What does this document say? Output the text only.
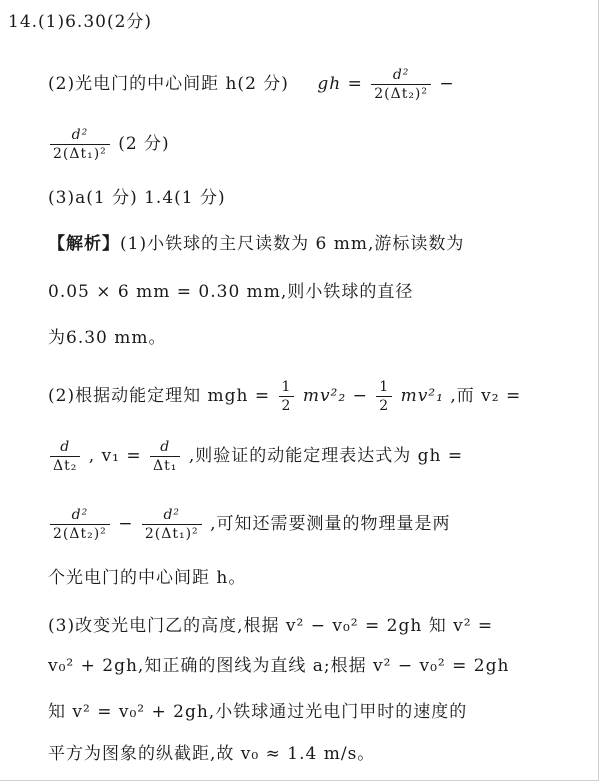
14.(1)6.30(2分)
(2)光电门的中心间距 h(2 分) gh = $\frac{\text{d²}}{\text{2(Δt₂)²}}$ −
$\frac{\text{d²}}{\text{2(Δt₁)²}} (2$ 分)
(3)a(1 分) 1.4(1 分)
【解析】(1)小铁球的主尺读数为 6 mm,游标读数为
0.05 × 6 mm = 0.30 mm,则小铁球的直径
为6.30 mm。
(2)根据动能定理知 mgh = $\frac{1}{2} mv^2_2 - \frac{1}{2} mv^2_1$ ,而 v₂ =
$\frac{d}{\text{Δt₂}}$ , $v_1 = \frac{d}{\text{Δt₁}}$ ,则验证的动能定理表达式为 gh =
$\frac{\text{d²}}{\text{2(Δt₂)²}} - \frac{\text{d²}}{\text{2(Δt₁)²}}$ ,可知还需要测量的物理量是两
个光电门的中心间距 h。
(3)改变光电门乙的高度,根据 v² − v₀² = 2gh 知 v² =
v₀² + 2gh,知正确的图线为直线 a;根据 v² − v₀² = 2gh
知 v² = v₀² + 2gh,小铁球通过光电门甲时的速度的
平方为图象的纵截距,故 v₀ ≈ 1.4 m/s。
